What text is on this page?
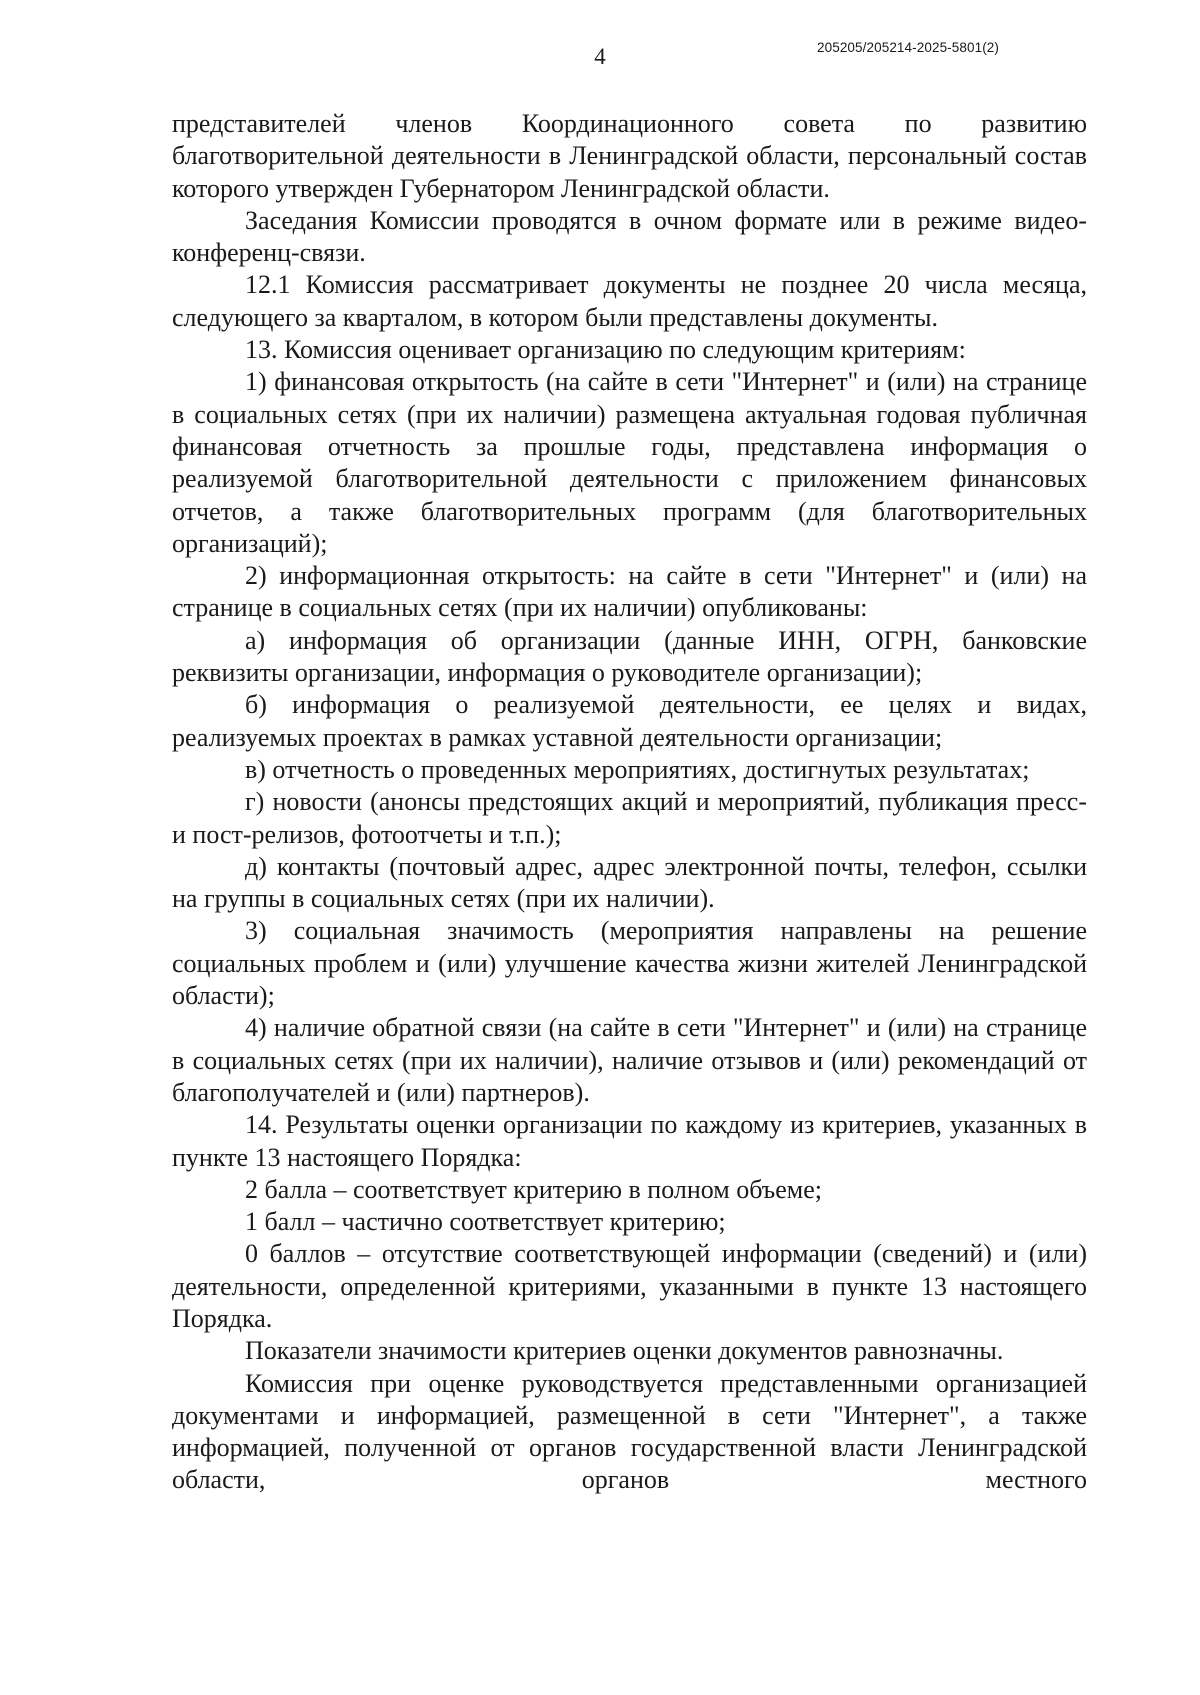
4	205205/205214-2025-5801(2)

представителей членов Координационного совета по развитию благотворительной деятельности в Ленинградской области, персональный состав которого утвержден Губернатором Ленинградской области.

Заседания Комиссии проводятся в очном формате или в режиме видео-конференц-связи.

12.1 Комиссия рассматривает документы не позднее 20 числа месяца, следующего за кварталом, в котором были представлены документы.

13. Комиссия оценивает организацию по следующим критериям:

1) финансовая открытость (на сайте в сети "Интернет" и (или) на странице в социальных сетях (при их наличии) размещена актуальная годовая публичная финансовая отчетность за прошлые годы, представлена информация о реализуемой благотворительной деятельности с приложением финансовых отчетов, а также благотворительных программ (для благотворительных организаций);

2) информационная открытость: на сайте в сети "Интернет" и (или) на странице в социальных сетях (при их наличии) опубликованы:

а) информация об организации (данные ИНН, ОГРН, банковские реквизиты организации, информация о руководителе организации);

б) информация о реализуемой деятельности, ее целях и видах, реализуемых проектах в рамках уставной деятельности организации;

в) отчетность о проведенных мероприятиях, достигнутых результатах;

г) новости (анонсы предстоящих акций и мероприятий, публикация пресс- и пост-релизов, фотоотчеты и т.п.);

д) контакты (почтовый адрес, адрес электронной почты, телефон, ссылки на группы в социальных сетях (при их наличии).

3) социальная значимость (мероприятия направлены на решение социальных проблем и (или) улучшение качества жизни жителей Ленинградской области);

4) наличие обратной связи (на сайте в сети "Интернет" и (или) на странице в социальных сетях (при их наличии), наличие отзывов и (или) рекомендаций от благополучателей и (или) партнеров).

14. Результаты оценки организации по каждому из критериев, указанных в пункте 13 настоящего Порядка:

2 балла – соответствует критерию в полном объеме;

1 балл – частично соответствует критерию;

0 баллов – отсутствие соответствующей информации (сведений) и (или) деятельности, определенной критериями, указанными в пункте 13 настоящего Порядка.

Показатели значимости критериев оценки документов равнозначны.

Комиссия при оценке руководствуется представленными организацией документами и информацией, размещенной в сети "Интернет", а также информацией, полученной от органов государственной власти Ленинградской области, органов местного
